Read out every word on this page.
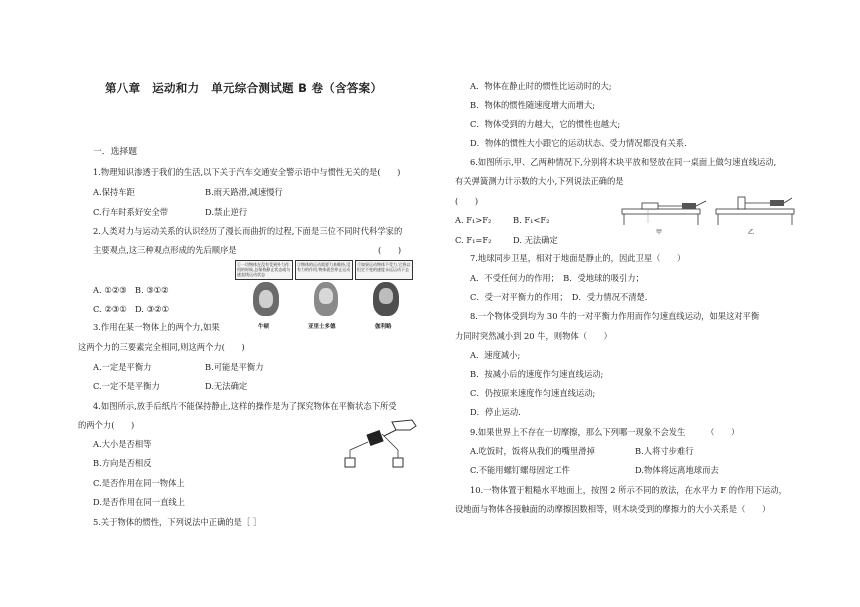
第八章　运动和力　单元综合测试题 B 卷（含答案）
一．选择题
1.物理知识渗透于我们的生活,以下关于汽车交通安全警示语中与惯性无关的是(　　)
A.保持车距	B.雨天路滑,减速慢行
C.行车时系好安全带	D.禁止逆行
2.人类对力与运动关系的认识经历了漫长而曲折的过程,下面是三位不同时代科学家的
主要观点,这三种观点形成的先后顺序是	(　　)
A. ①②③　B. ③①②
C. ②③①　D. ③②①
①一切物体在没有受到外力作用的时候,总保持静止状态或匀速直线运动状态
②物体的运动需要力来维持,没有力的作用,物体就会停止运动
③如果运动物体不受力,它将以恒定不变的速度永远运动下去
牛顿	亚里士多德	伽利略
3.作用在某一物体上的两个力,如果
这两个力的三要素完全相同,则这两个力(　　)
A.一定是平衡力	B.可能是平衡力
C.一定不是平衡力	D.无法确定
4.如图所示,放手后纸片不能保持静止,这样的操作是为了探究物体在平衡状态下所受
的两个力(　　)
A.大小是否相等
B.方向是否相反
C.是否作用在同一物体上
D.是否作用在同一直线上
5.关于物体的惯性，下列说法中正确的是［ ］
A．物体在静止时的惯性比运动时的大;
B．物体的惯性随速度增大而增大;
C．物体受到的力越大，它的惯性也越大;
D．物体的惯性大小跟它的运动状态、受力情况都没有关系.
6.如图所示,甲、乙两种情况下,分别将木块平放和竖放在同一桌面上做匀速直线运动,
有关弹簧测力计示数的大小,下列说法正确的是
(　　)
A. F₁>F₂	B. F₁<F₂
C. F₁=F₂	D. 无法确定
甲	乙
7.地球同步卫星，相对于地面是静止的，因此卫星（　　）
A．不受任何力的作用；　B．受地球的吸引力；
C．受一对平衡力的作用；　D．受力情况不清楚.
8.一个物体受到均为 30 牛的一对平衡力作用而作匀速直线运动，如果这对平衡
力同时突然减小到 20 牛，则物体（　　）
A．速度减小;
B．按减小后的速度作匀速直线运动;
C．仍按原来速度作匀速直线运动;
D．停止运动.
9.如果世界上不存在一切摩擦，那么下列哪一现象不会发生　　　（　　）
A.吃饭时，饭将从我们的嘴里滑掉	B.人将寸步难行
C.不能用螺钉螺母固定工件	D.物体将远离地球而去
10.一物体置于粗糙水平地面上，按图 2 所示不同的放法，在水平力 F 的作用下运动，
设地面与物体各接触面的动摩擦因数相等，则木块受到的摩擦力的大小关系是（　　）
